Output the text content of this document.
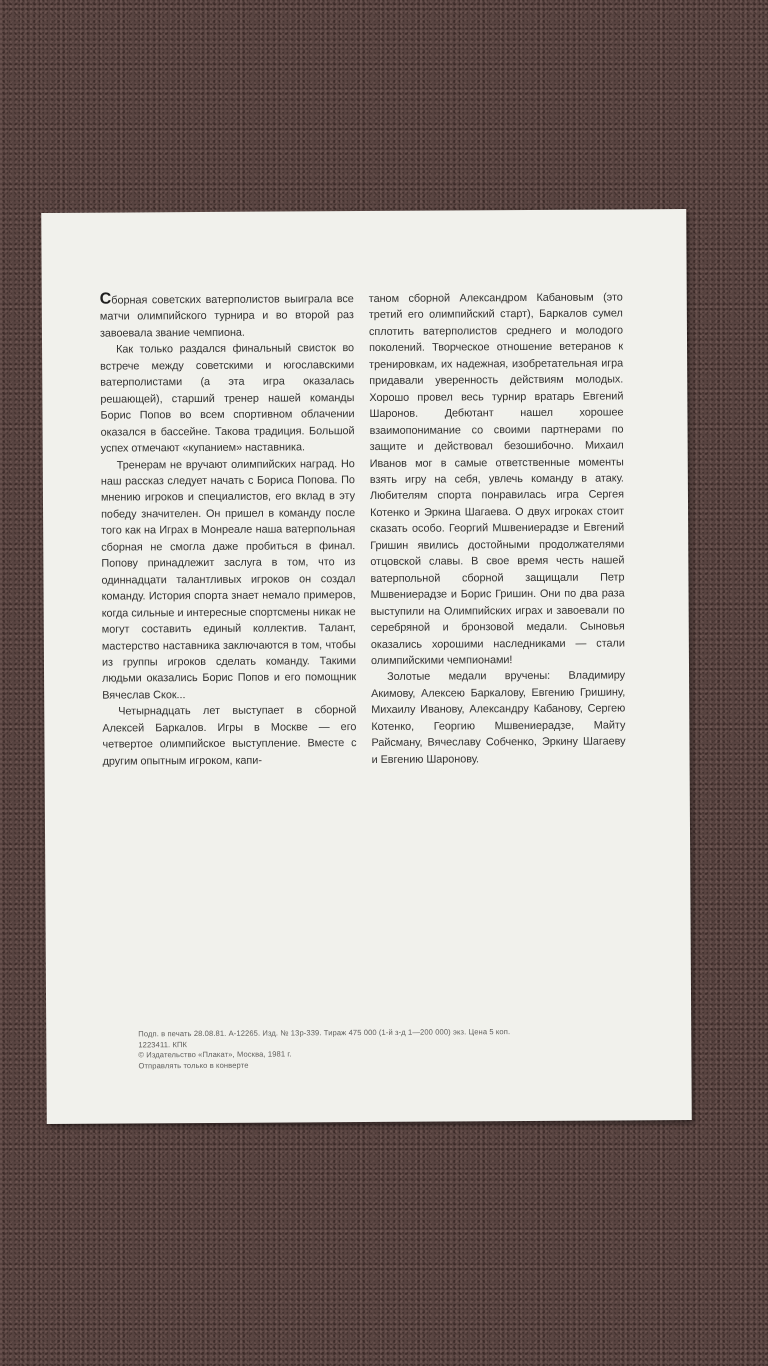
Сборная советских ватерполистов выиграла все матчи олимпийского турнира и во второй раз завоевала звание чемпиона.

Как только раздался финальный свисток во встрече между советскими и югославскими ватерполистами (а эта игра оказалась решающей), старший тренер нашей команды Борис Попов во всем спортивном облачении оказался в бассейне. Такова традиция. Большой успех отмечают «купанием» наставника.

Тренерам не вручают олимпийских наград. Но наш рассказ следует начать с Бориса Попова. По мнению игроков и специалистов, его вклад в эту победу значителен. Он пришел в команду после того как на Играх в Монреале наша ватерпольная сборная не смогла даже пробиться в финал. Попову принадлежит заслуга в том, что из одиннадцати талантливых игроков он создал команду. История спорта знает немало примеров, когда сильные и интересные спортсмены никак не могут составить единый коллектив. Талант, мастерство наставника заключаются в том, чтобы из группы игроков сделать команду. Такими людьми оказались Борис Попов и его помощник Вячеслав Скок...

Четырнадцать лет выступает в сборной Алексей Баркалов. Игры в Москве — его четвертое олимпийское выступление. Вместе с другим опытным игроком, капи-

таном сборной Александром Кабановым (это третий его олимпийский старт), Баркалов сумел сплотить ватерполистов среднего и молодого поколений. Творческое отношение ветеранов к тренировкам, их надежная, изобретательная игра придавали уверенность действиям молодых. Хорошо провел весь турнир вратарь Евгений Шаронов. Дебютант нашел хорошее взаимопонимание со своими партнерами по защите и действовал безошибочно. Михаил Иванов мог в самые ответственные моменты взять игру на себя, увлечь команду в атаку. Любителям спорта понравилась игра Сергея Котенко и Эркина Шагаева. О двух игроках стоит сказать особо. Георгий Мшвениерадзе и Евгений Гришин явились достойными продолжателями отцовской славы. В свое время честь нашей ватерпольной сборной защищали Петр Мшвениерадзе и Борис Гришин. Они по два раза выступили на Олимпийских играх и завоевали по серебряной и бронзовой медали. Сыновья оказались хорошими наследниками — стали олимпийскими чемпионами!

Золотые медали вручены: Владимиру Акимову, Алексею Баркалову, Евгению Гришину, Михаилу Иванову, Александру Кабанову, Сергею Котенко, Георгию Мшвениерадзе, Майту Райсману, Вячеславу Собченко, Эркину Шагаеву и Евгению Шаронову.

Подп. в печать 28.08.81. А-12265. Изд. № 13р-339. Тираж 475 000 (1-й з-д 1—200 000) экз. Цена 5 коп.
1223411. КПК
© Издательство «Плакат», Москва, 1981 г.
Отправлять только в конверте
